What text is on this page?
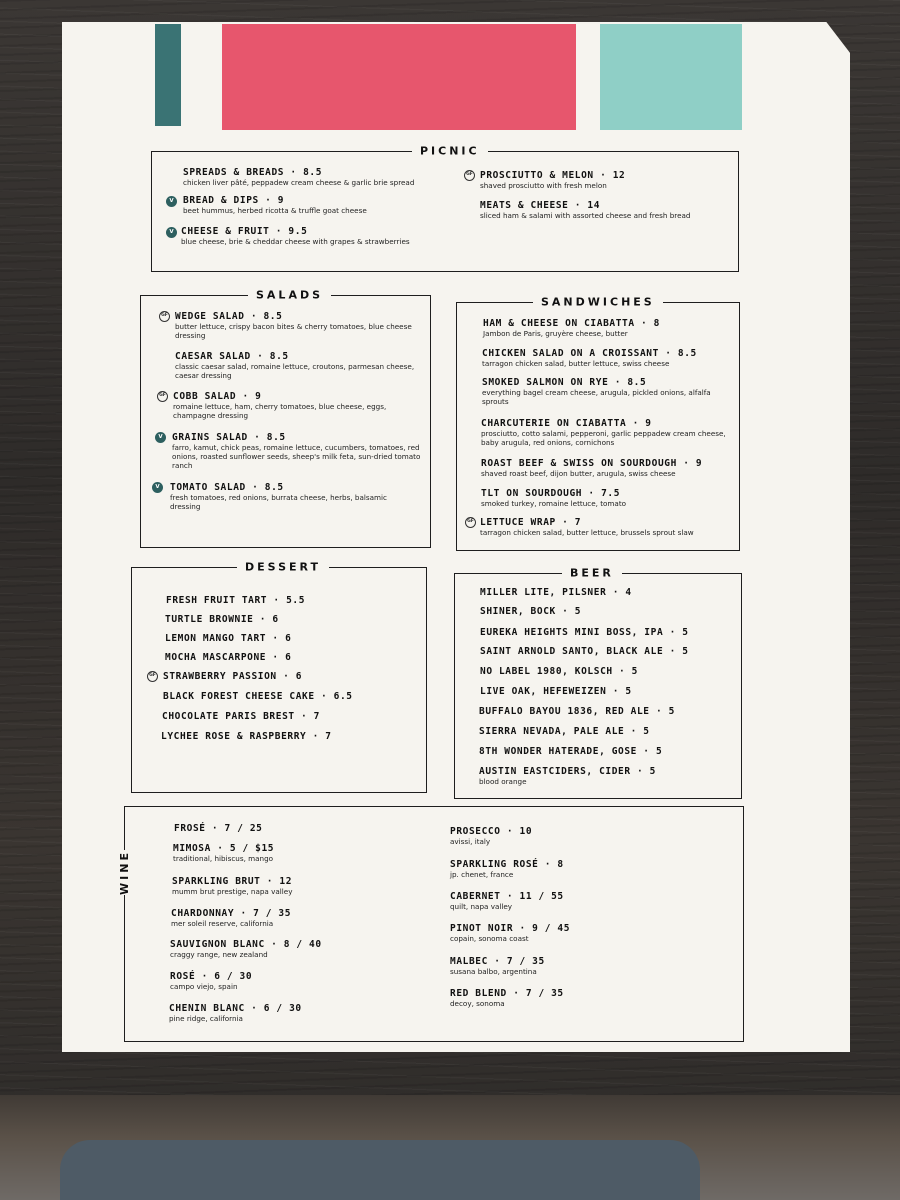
PICNIC
SPREADS & BREADS · 8.5
chicken liver pâté, peppadew cream cheese & garlic brie spread
V BREAD & DIPS · 9
beet hummus, herbed ricotta & truffle goat cheese
V CHEESE & FRUIT · 9.5
blue cheese, brie & cheddar cheese with grapes & strawberries
GF PROSCIUTTO & MELON · 12
shaved prosciutto with fresh melon
MEATS & CHEESE · 14
sliced ham & salami with assorted cheese and fresh bread
SALADS
GF WEDGE SALAD · 8.5
butter lettuce, crispy bacon bites & cherry tomatoes, blue cheese dressing
CAESAR SALAD · 8.5
classic caesar salad, romaine lettuce, croutons, parmesan cheese, caesar dressing
GF COBB SALAD · 9
romaine lettuce, ham, cherry tomatoes, blue cheese, eggs, champagne dressing
V GRAINS SALAD · 8.5
farro, kamut, chick peas, romaine lettuce, cucumbers, tomatoes, red onions, roasted sunflower seeds, sheep's milk feta, sun-dried tomato ranch
V	TOMATO SALAD · 8.5
fresh tomatoes, red onions, burrata cheese, herbs, balsamic dressing
SANDWICHES
HAM & CHEESE ON CIABATTA · 8
Jambon de Paris, gruyère cheese, butter
CHICKEN SALAD ON A CROISSANT · 8.5
tarragon chicken salad, butter lettuce, swiss cheese
SMOKED SALMON ON RYE · 8.5
everything bagel cream cheese, arugula, pickled onions, alfalfa sprouts
CHARCUTERIE ON CIABATTA · 9
prosciutto, cotto salami, pepperoni, garlic peppadew cream cheese, baby arugula, red onions, cornichons
ROAST BEEF & SWISS ON SOURDOUGH · 9
shaved roast beef, dijon butter, arugula, swiss cheese
TLT ON SOURDOUGH · 7.5
smoked turkey, romaine lettuce, tomato
GF LETTUCE WRAP · 7
tarragon chicken salad, butter lettuce, brussels sprout slaw
DESSERT
FRESH FRUIT TART · 5.5
TURTLE BROWNIE · 6
LEMON MANGO TART · 6
MOCHA MASCARPONE · 6
GF STRAWBERRY PASSION · 6
BLACK FOREST CHEESE CAKE · 6.5
CHOCOLATE PARIS BREST · 7
LYCHEE ROSE & RASPBERRY · 7
BEER
MILLER LITE, PILSNER · 4
SHINER, BOCK · 5
EUREKA HEIGHTS MINI BOSS, IPA · 5
SAINT ARNOLD SANTO, BLACK ALE · 5
NO LABEL 1980, KOLSCH · 5
LIVE OAK, HEFEWEIZEN · 5
BUFFALO BAYOU 1836, RED ALE · 5
SIERRA NEVADA, PALE ALE · 5
8TH WONDER HATERADE, GOSE · 5
AUSTIN EASTCIDERS, CIDER · 5
blood orange
WINE
FROSÉ · 7 / 25
MIMOSA · 5 / $15
traditional, hibiscus, mango
SPARKLING BRUT · 12
mumm brut prestige, napa valley
CHARDONNAY · 7 / 35
mer soleil reserve, california
SAUVIGNON BLANC · 8 / 40
craggy range, new zealand
ROSÉ · 6 / 30
campo viejo, spain
CHENIN BLANC · 6 / 30
pine ridge, california
PROSECCO · 10
avissi, italy
SPARKLING ROSÉ · 8
jp. chenet, france
CABERNET · 11 / 55
quilt, napa valley
PINOT NOIR · 9 / 45
copain, sonoma coast
MALBEC · 7 / 35
susana balbo, argentina
RED BLEND · 7 / 35
decoy, sonoma
